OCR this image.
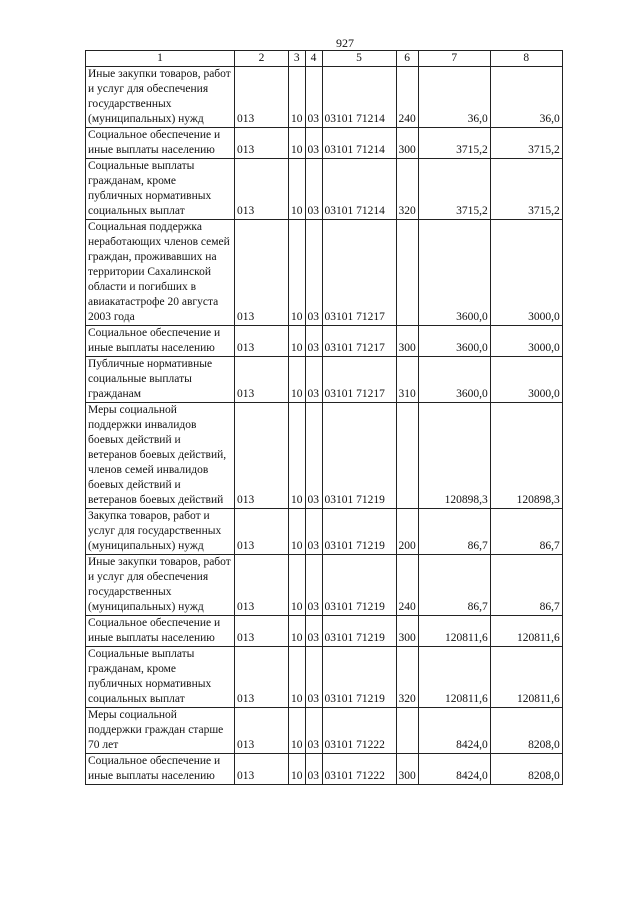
927
1	2	3	4	5	6	7	8
Иные закупки товаров, работ и услуг для обеспечения государственных (муниципальных) нужд	013	10	03	03101 71214	240	36,0	36,0
Социальное обеспечение и иные выплаты населению	013	10	03	03101 71214	300	3715,2	3715,2
Социальные выплаты гражданам, кроме публичных нормативных социальных выплат	013	10	03	03101 71214	320	3715,2	3715,2
Социальная поддержка неработающих членов семей граждан, проживавших на территории Сахалинской области и погибших в авиакатастрофе 20 августа 2003 года	013	10	03	03101 71217		3600,0	3000,0
Социальное обеспечение и иные выплаты населению	013	10	03	03101 71217	300	3600,0	3000,0
Публичные нормативные социальные выплаты гражданам	013	10	03	03101 71217	310	3600,0	3000,0
Меры социальной поддержки инвалидов боевых действий и ветеранов боевых действий, членов семей инвалидов боевых действий и ветеранов боевых действий	013	10	03	03101 71219		120898,3	120898,3
Закупка товаров, работ и услуг для государственных (муниципальных) нужд	013	10	03	03101 71219	200	86,7	86,7
Иные закупки товаров, работ и услуг для обеспечения государственных (муниципальных) нужд	013	10	03	03101 71219	240	86,7	86,7
Социальное обеспечение и иные выплаты населению	013	10	03	03101 71219	300	120811,6	120811,6
Социальные выплаты гражданам, кроме публичных нормативных социальных выплат	013	10	03	03101 71219	320	120811,6	120811,6
Меры социальной поддержки граждан старше 70 лет	013	10	03	03101 71222		8424,0	8208,0
Социальное обеспечение и иные выплаты населению	013	10	03	03101 71222	300	8424,0	8208,0
